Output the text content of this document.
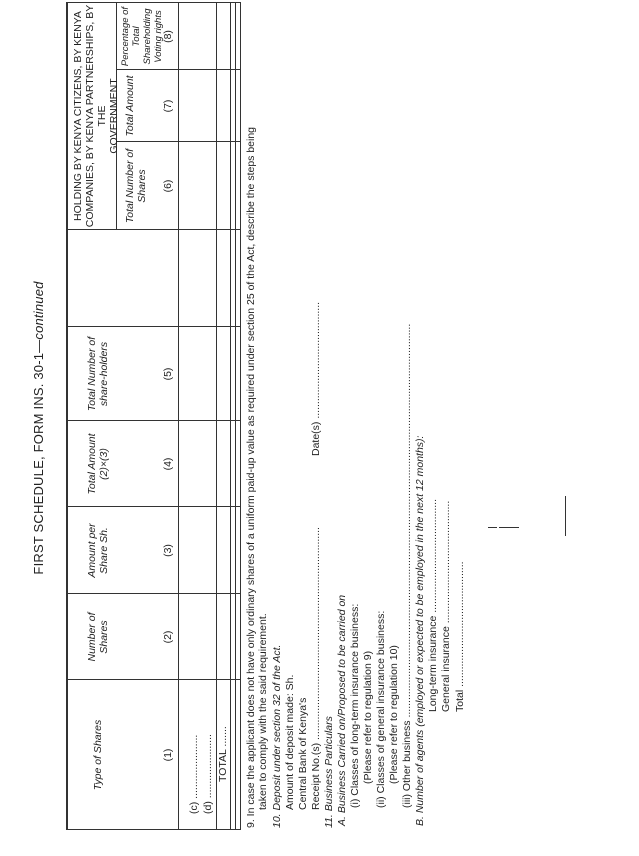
FIRST SCHEDULE, FORM INS. 30-1—continued
HOLDING BY KENYA CITIZENS, BY KENYA COMPANIES, BY KENYA PARTNERSHIPS, BY THE GOVERNMENT
Type of Shares
Number of Shares
Amount per Share Sh.
Total Amount (2)×(3)
Total Number of share-holders
Total Number of Shares
Total Amount
Percentage of Total Shareholding Voting rights
(1)
(2)
(3)
(4)
(5)
(6)
(7)
(8)
(c) ...................... (d) ...................... TOTAL ....... 9. In case the applicant does not have only ordinary shares of a uniform paid-up value as required under section 25 of the Act, describe the steps being taken to comply with the said requirement. 10. Deposit under section 32 of the Act. Amount of deposit made: Sh. Central Bank of Kenya's Receipt No.(s) .........................................................................
Date(s) ........................................
11. Business Particulars A. Business Carried on/Proposed to be carried on (i) Classes of long-term insurance business: (Please refer to regulation 9) (ii) Classes of general insurance business: (Please refer to regulation 10) (iii) Other business ....................................................................................................................................... B. Number of agents (employed or expected to be employed in the next 12 months): Long-term insurance ....................................... General insurance .......................................... Total ...........................................
